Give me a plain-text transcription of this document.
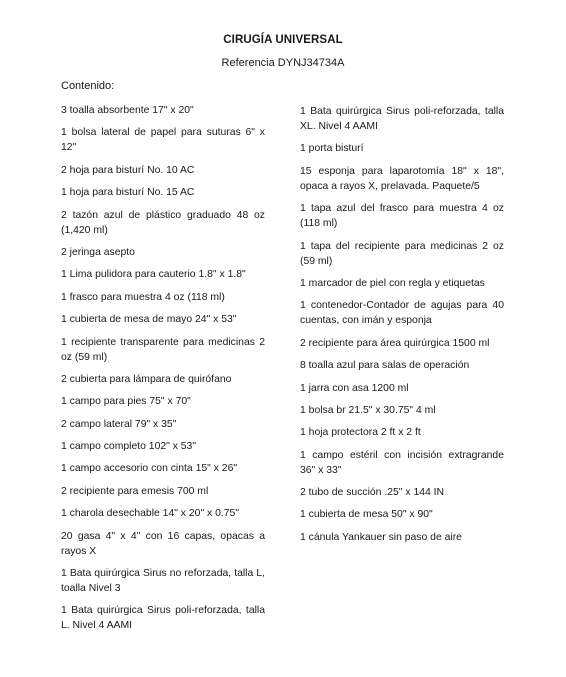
CIRUGÍA UNIVERSAL
Referencia DYNJ34734A
Contenido:
3 toalla absorbente 17" x 20"
1 bolsa lateral de papel para suturas 6" x 12"
2 hoja para bisturí No. 10 AC
1 hoja para bisturí No. 15 AC
2 tazón azul de plástico graduado 48 oz (1,420 ml)
2 jeringa asepto
1 Lima pulidora para cauterio 1.8" x 1.8"
1 frasco para muestra 4 oz (118 ml)
1 cubierta de mesa de mayo 24" x 53"
1 recipiente transparente para medicinas 2 oz (59 ml)
2 cubierta para lámpara de quirófano
1 campo para pies 75" x 70"
2 campo lateral 79" x 35"
1 campo completo 102" x 53"
1 campo accesorio con cinta 15" x 26"
2 recipiente para emesis 700 ml
1 charola desechable 14" x 20" x 0.75"
20 gasa 4" x 4" con 16 capas, opacas a rayos X
1 Bata quirúrgica Sirus no reforzada, talla L, toalla Nivel 3
1 Bata quirúrgica Sirus poli-reforzada, talla L. Nivel 4 AAMI
1 Bata quirúrgica Sirus poli-reforzada, talla XL. Nivel 4 AAMI
1 porta bisturí
15 esponja para laparotomía 18" x 18", opaca a rayos X, prelavada. Paquete/5
1 tapa azul del frasco para muestra 4 oz (118 ml)
1 tapa del recipiente para medicinas 2 oz (59 ml)
1 marcador de piel con regla y etiquetas
1 contenedor-Contador de agujas para 40 cuentas, con imán y esponja
2 recipiente para área quirúrgica 1500 ml
8 toalla azul para salas de operación
1 jarra con asa 1200 ml
1 bolsa br 21.5" x 30.75" 4 ml
1 hoja protectora 2 ft x 2 ft
1 campo estéril con incisión extragrande 36" x 33"
2 tubo de succión .25" x 144 IN
1 cubierta de mesa 50" x 90"
1 cánula Yankauer sin paso de aire
